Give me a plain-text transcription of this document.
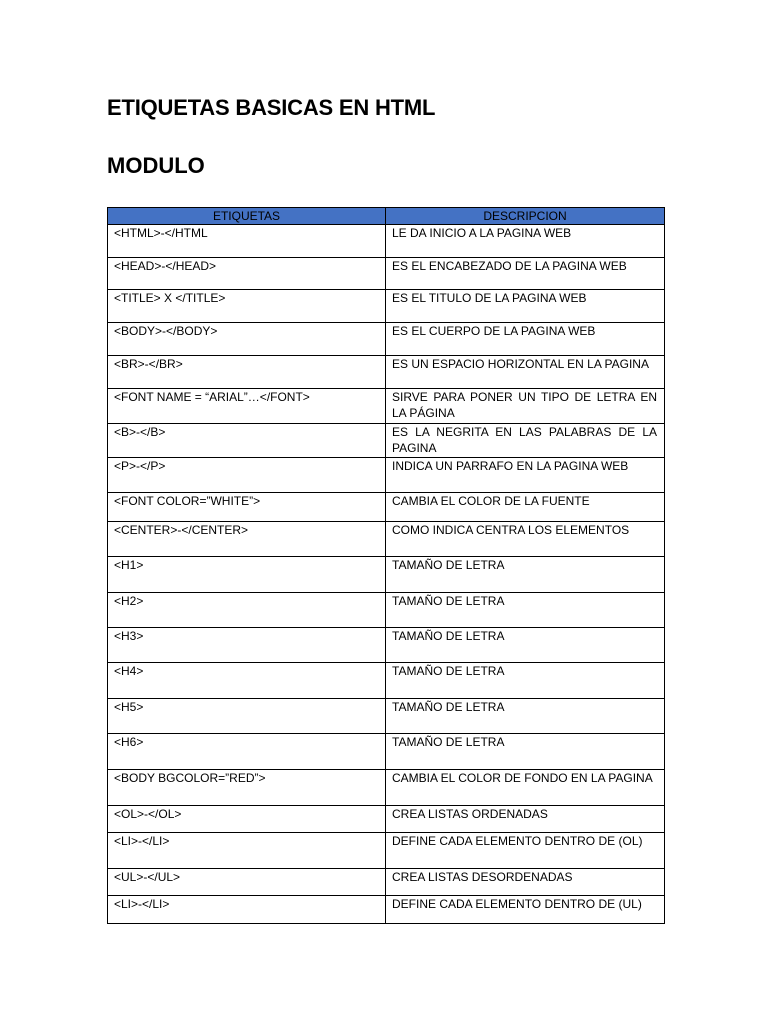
ETIQUETAS BASICAS EN HTML
MODULO
ETIQUETAS	DESCRIPCION
<HTML>-</HTML	LE DA INICIO A LA PAGINA WEB
<HEAD>-</HEAD>	ES EL ENCABEZADO DE LA PAGINA WEB
<TITLE> X </TITLE>	ES EL TITULO DE LA PAGINA WEB
<BODY>-</BODY>	ES EL CUERPO DE LA PAGINA WEB
<BR>-</BR>	ES UN ESPACIO HORIZONTAL EN LA PAGINA
<FONT NAME = “ARIAL”…</FONT>	SIRVE PARA PONER UN TIPO DE LETRA EN LA PÁGINA
<B>-</B>	ES LA NEGRITA EN LAS PALABRAS DE LA PAGINA
<P>-</P>	INDICA UN PARRAFO EN LA PAGINA WEB
<FONT COLOR=”WHITE”>	CAMBIA EL COLOR DE LA FUENTE
<CENTER>-</CENTER>	COMO INDICA CENTRA LOS ELEMENTOS
<H1>	TAMAÑO DE LETRA
<H2>	TAMAÑO DE LETRA
<H3>	TAMAÑO DE LETRA
<H4>	TAMAÑO DE LETRA
<H5>	TAMAÑO DE LETRA
<H6>	TAMAÑO DE LETRA
<BODY BGCOLOR=”RED”>	CAMBIA EL COLOR DE FONDO EN LA PAGINA
<OL>-</OL>	CREA LISTAS ORDENADAS
<LI>-</LI>	DEFINE CADA ELEMENTO DENTRO DE (OL)
<UL>-</UL>	CREA LISTAS DESORDENADAS
<LI>-</LI>	DEFINE CADA ELEMENTO DENTRO DE (UL)
